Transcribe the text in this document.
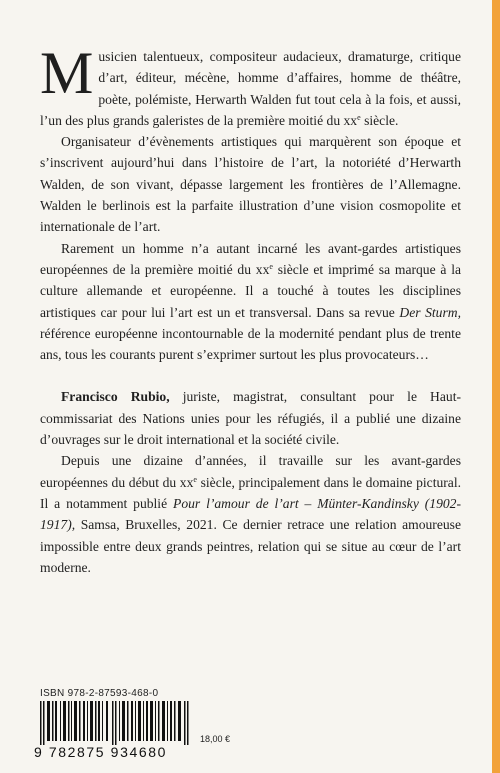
Musicien talentueux, compositeur audacieux, dramaturge, critique d’art, éditeur, mécène, homme d’affaires, homme de théâtre, poète, polémiste, Herwarth Walden fut tout cela à la fois, et aussi, l’un des plus grands galeristes de la première moitié du $xx^e$ siècle.

Organisateur d’évènements artistiques qui marquèrent son époque et s’inscrivent aujourd’hui dans l’histoire de l’art, la notoriété d’Herwarth Walden, de son vivant, dépasse largement les frontières de l’Allemagne. Walden le berlinois est la parfaite illustration d’une vision cosmopolite et internationale de l’art.

Rarement un homme n’a autant incarné les avant-gardes artistiques européennes de la première moitié du $xx^e$ siècle et imprimé sa marque à la culture allemande et européenne. Il a touché à toutes les disciplines artistiques car pour lui l’art est un et transversal. Dans sa revue Der Sturm, référence européenne incontournable de la modernité pendant plus de trente ans, tous les courants purent s’exprimer surtout les plus provocateurs…

Francisco Rubio, juriste, magistrat, consultant pour le Haut-commissariat des Nations unies pour les réfugiés, il a publié une dizaine d’ouvrages sur le droit international et la société civile.

Depuis une dizaine d’années, il travaille sur les avant-gardes européennes du début du $xx^e$ siècle, principalement dans le domaine pictural. Il a notamment publié Pour l’amour de l’art – Münter-Kandinsky (1902-1917), Samsa, Bruxelles, 2021. Ce dernier retrace une relation amoureuse impossible entre deux grands peintres, relation qui se situe au cœur de l’art moderne.

ISBN 978-2-87593-468-0
9 782875 934680
18,00 €
